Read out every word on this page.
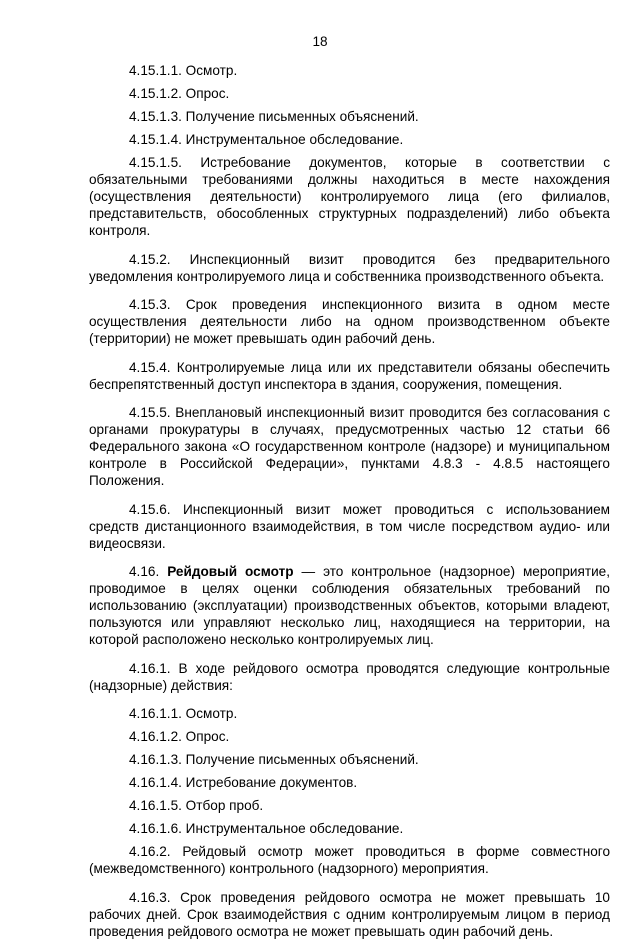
18

4.15.1.1. Осмотр.

4.15.1.2. Опрос.

4.15.1.3. Получение письменных объяснений.

4.15.1.4. Инструментальное обследование.

4.15.1.5. Истребование документов, которые в соответствии с обязательными требованиями должны находиться в месте нахождения (осуществления деятельности) контролируемого лица (его филиалов, представительств, обособленных структурных подразделений) либо объекта контроля.

4.15.2. Инспекционный визит проводится без предварительного уведомления контролируемого лица и собственника производственного объекта.

4.15.3. Срок проведения инспекционного визита в одном месте осуществления деятельности либо на одном производственном объекте (территории) не может превышать один рабочий день.

4.15.4. Контролируемые лица или их представители обязаны обеспечить беспрепятственный доступ инспектора в здания, сооружения, помещения.

4.15.5. Внеплановый инспекционный визит проводится без согласования с органами прокуратуры в случаях, предусмотренных частью 12 статьи 66 Федерального закона «О государственном контроле (надзоре) и муниципальном контроле в Российской Федерации», пунктами 4.8.3 - 4.8.5 настоящего Положения.

4.15.6. Инспекционный визит может проводиться с использованием средств дистанционного взаимодействия, в том числе посредством аудио- или видеосвязи.

4.16. Рейдовый осмотр — это контрольное (надзорное) мероприятие, проводимое в целях оценки соблюдения обязательных требований по использованию (эксплуатации) производственных объектов, которыми владеют, пользуются или управляют несколько лиц, находящиеся на территории, на которой расположено несколько контролируемых лиц.

4.16.1. В ходе рейдового осмотра проводятся следующие контрольные (надзорные) действия:

4.16.1.1. Осмотр.

4.16.1.2. Опрос.

4.16.1.3. Получение письменных объяснений.

4.16.1.4. Истребование документов.

4.16.1.5. Отбор проб.

4.16.1.6. Инструментальное обследование.

4.16.2. Рейдовый осмотр может проводиться в форме совместного (межведомственного) контрольного (надзорного) мероприятия.

4.16.3. Срок проведения рейдового осмотра не может превышать 10 рабочих дней. Срок взаимодействия с одним контролируемым лицом в период проведения рейдового осмотра не может превышать один рабочий день.
